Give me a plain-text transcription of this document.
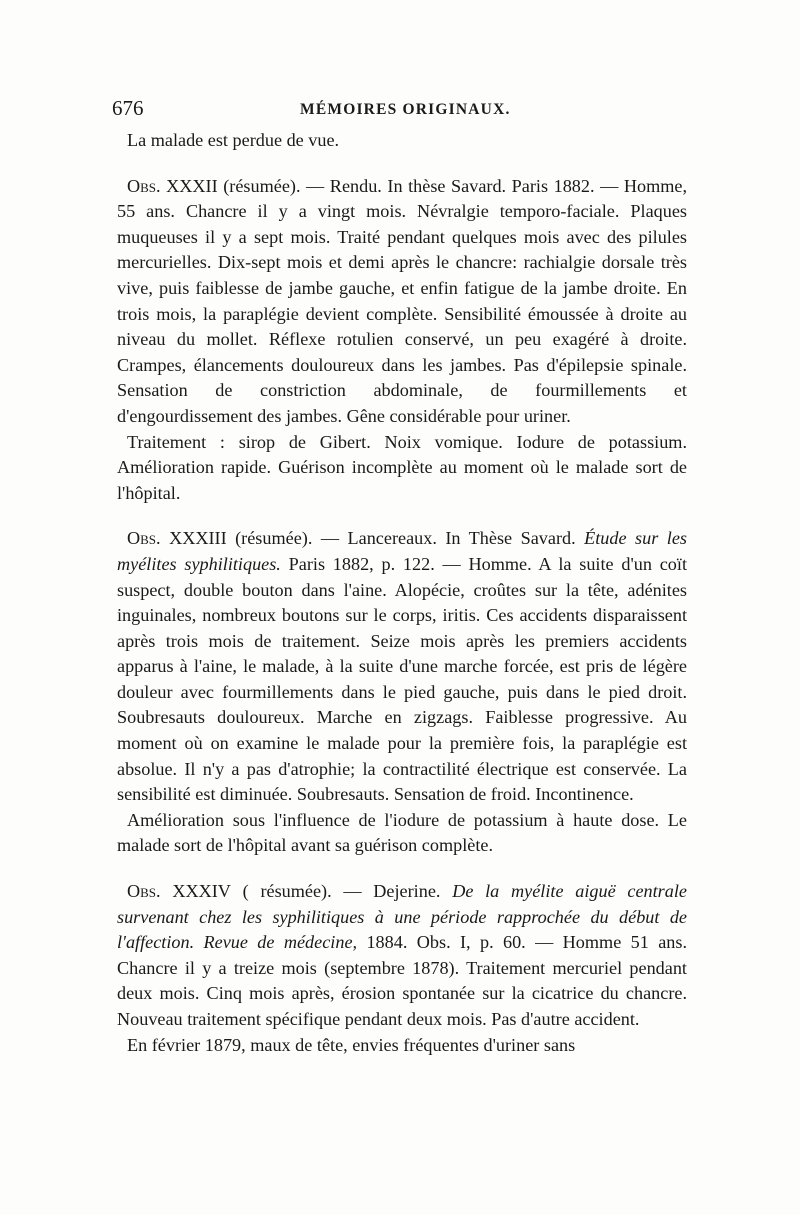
676	MÉMOIRES ORIGINAUX.

La malade est perdue de vue.

Obs. XXXII (résumée). — Rendu. In thèse Savard. Paris 1882. — Homme, 55 ans. Chancre il y a vingt mois. Névralgie temporo-faciale. Plaques muqueuses il y a sept mois. Traité pendant quelques mois avec des pilules mercurielles. Dix-sept mois et demi après le chancre: rachialgie dorsale très vive, puis faiblesse de jambe gauche, et enfin fatigue de la jambe droite. En trois mois, la paraplégie devient complète. Sensibilité émoussée à droite au niveau du mollet. Réflexe rotulien conservé, un peu exagéré à droite. Crampes, élancements douloureux dans les jambes. Pas d'épilepsie spinale. Sensation de constriction abdominale, de fourmillements et d'engourdissement des jambes. Gêne considérable pour uriner.

Traitement : sirop de Gibert. Noix vomique. Iodure de potassium. Amélioration rapide. Guérison incomplète au moment où le malade sort de l'hôpital.

Obs. XXXIII (résumée). — Lancereaux. In Thèse Savard. Étude sur les myélites syphilitiques. Paris 1882, p. 122. — Homme. A la suite d'un coït suspect, double bouton dans l'aine. Alopécie, croûtes sur la tête, adénites inguinales, nombreux boutons sur le corps, iritis. Ces accidents disparaissent après trois mois de traitement. Seize mois après les premiers accidents apparus à l'aine, le malade, à la suite d'une marche forcée, est pris de légère douleur avec fourmillements dans le pied gauche, puis dans le pied droit. Soubresauts douloureux. Marche en zigzags. Faiblesse progressive. Au moment où on examine le malade pour la première fois, la paraplégie est absolue. Il n'y a pas d'atrophie; la contractilité électrique est conservée. La sensibilité est diminuée. Soubresauts. Sensation de froid. Incontinence.

Amélioration sous l'influence de l'iodure de potassium à haute dose. Le malade sort de l'hôpital avant sa guérison complète.

Obs. XXXIV ( résumée). — Dejerine. De la myélite aiguë centrale survenant chez les syphilitiques à une période rapprochée du début de l'affection. Revue de médecine, 1884. Obs. I, p. 60. — Homme 51 ans. Chancre il y a treize mois (septembre 1878). Traitement mercuriel pendant deux mois. Cinq mois après, érosion spontanée sur la cicatrice du chancre. Nouveau traitement spécifique pendant deux mois. Pas d'autre accident.

En février 1879, maux de tête, envies fréquentes d'uriner sans
